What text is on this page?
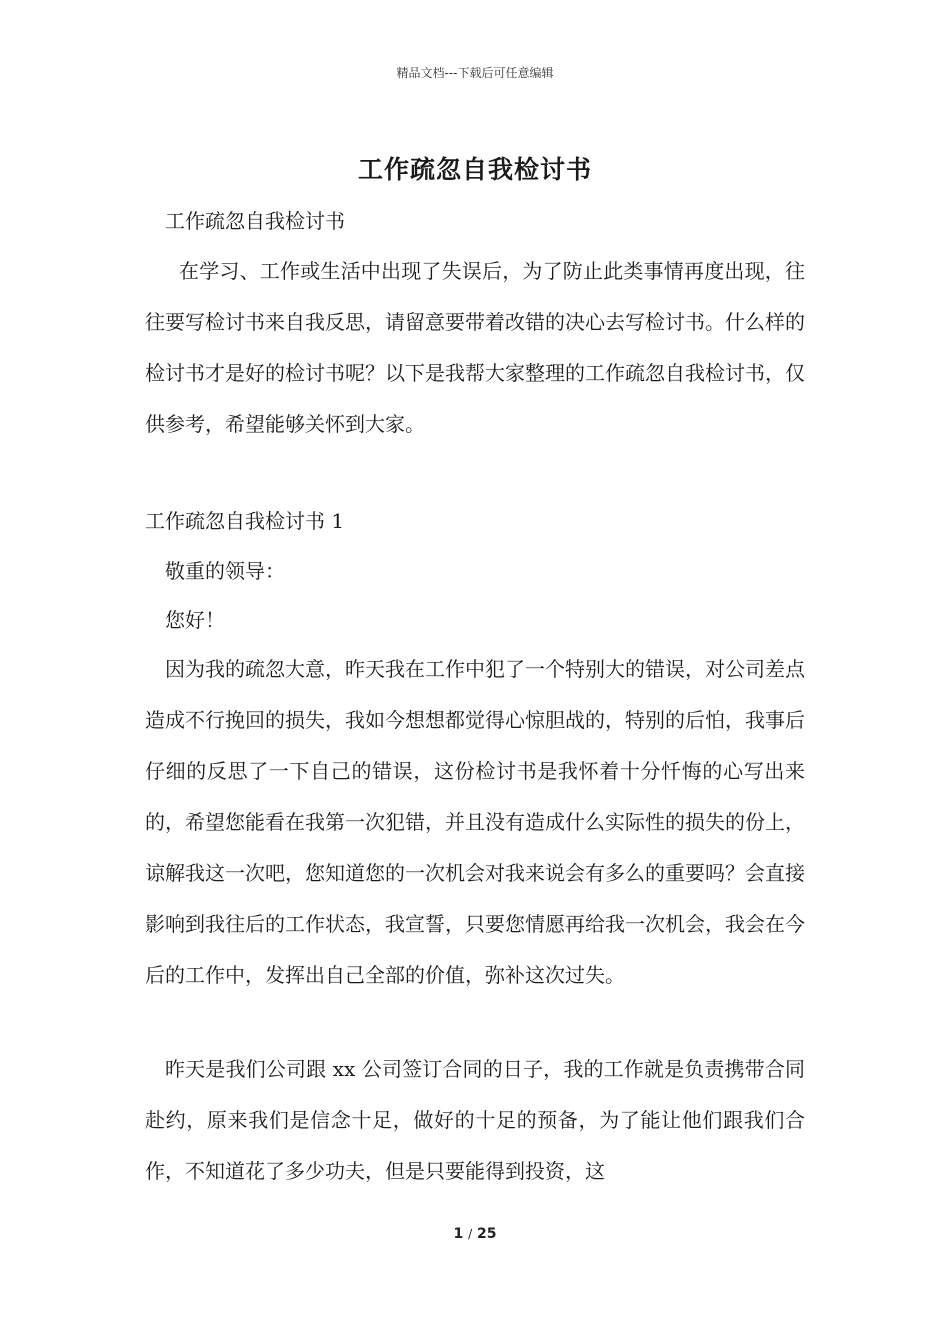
精品文档---下载后可任意编辑
工作疏忽自我检讨书

工作疏忽自我检讨书

在学习、工作或生活中出现了失误后，为了防止此类事情再度出现，往往要写检讨书来自我反思，请留意要带着改错的决心去写检讨书。什么样的检讨书才是好的检讨书呢？以下是我帮大家整理的工作疏忽自我检讨书，仅供参考，希望能够关怀到大家。

工作疏忽自我检讨书 1

敬重的领导：

您好！

因为我的疏忽大意，昨天我在工作中犯了一个特别大的错误，对公司差点造成不行挽回的损失，我如今想想都觉得心惊胆战的，特别的后怕，我事后仔细的反思了一下自己的错误，这份检讨书是我怀着十分忏悔的心写出来的，希望您能看在我第一次犯错，并且没有造成什么实际性的损失的份上，谅解我这一次吧，您知道您的一次机会对我来说会有多么的重要吗？会直接影响到我往后的工作状态，我宣誓，只要您情愿再给我一次机会，我会在今后的工作中，发挥出自己全部的价值，弥补这次过失。

昨天是我们公司跟 xx 公司签订合同的日子，我的工作就是负责携带合同赴约，原来我们是信念十足，做好的十足的预备，为了能让他们跟我们合作，不知道花了多少功夫，但是只要能得到投资，这

1 / 25
